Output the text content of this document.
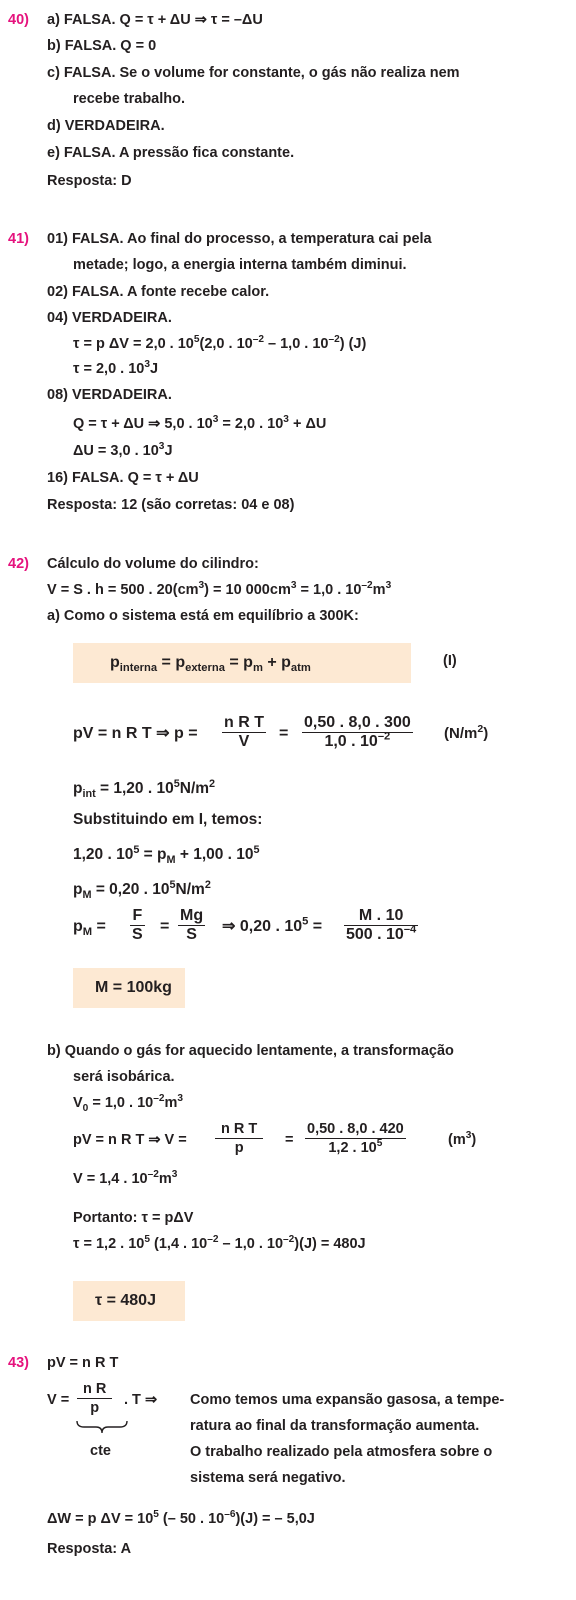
40) a) FALSA. Q = τ + ΔU ⇒ τ = –ΔU
b) FALSA. Q = 0
c) FALSA. Se o volume for constante, o gás não realiza nem
recebe trabalho.
d) VERDADEIRA.
e) FALSA. A pressão fica constante.
Resposta: D
41) 01) FALSA. Ao final do processo, a temperatura cai pela
metade; logo, a energia interna também diminui.
02) FALSA. A fonte recebe calor.
04) VERDADEIRA.
τ = p ΔV = 2,0 . $10^5(2,0$ . $10^{-2} - 1,0$ . $10^{-2}$) (J)
τ = 2,0 . $10^3J$
08) VERDADEIRA.
Q = τ + ΔU ⇒ 5,0 . $10^3 = 2,0$ . $10^3 + \Delta U$
ΔU = 3,0 . $10^3J$
16) FALSA. Q = τ + ΔU
Resposta: 12 (são corretas: 04 e 08)
42) Cálculo do volume do cilindro:
V = S . h = 500 . $20(cm^3) = 10$ $000cm^3 = 1,0$ . $10^{-2}m^3$
a) Como o sistema está em equilíbrio a 300K:
$p_{interna} = p_{externa} = p_m + p_{atm}$	(I)
pV = n R T ⇒ p =
n R T
V =
0,50 . 8,0 . 300
1,0 . $10^{-2}$	$(N/m^2)$
$p_{int} = 1,20$ . $10^5N/m^2$
Substituindo em I, temos:
1,20 . $10^5 = p_M + 1,00$ . $10^5$
$p_M = 0,20$ . $10^5N/m^2$
$p_M$ =
F
S =
Mg
S ⇒ 0,20 . $10^5$ =
M . 10
500 . $10^{-4}$
M = 100kg
b) Quando o gás for aquecido lentamente, a transformação
será isobárica.
$V_0 = 1,0$ . $10^{-2}m^3$
pV = n R T ⇒ V =
n R T
p	=
0,50 . 8,0 . 420
1,2 . $10^5$	$(m^3)$
V = 1,4 . $10^{-2}m^3$
Portanto: τ = pΔV
τ = 1,2 . $10^5$ (1,4 . $10^{-2} - 1,0$ . $10^{-2})(J) = 480J$
τ = 480J
43) pV = n R T
V =
n R
p . T ⇒
cte
Como temos uma expansão gasosa, a tempe-
ratura ao final da transformação aumenta.
O trabalho realizado pela atmosfera sobre o
sistema será negativo.
ΔW = p $\Delta V = 10^5$ (– 50 . $10^{-6})(J)$ = – 5,0J
Resposta: A
